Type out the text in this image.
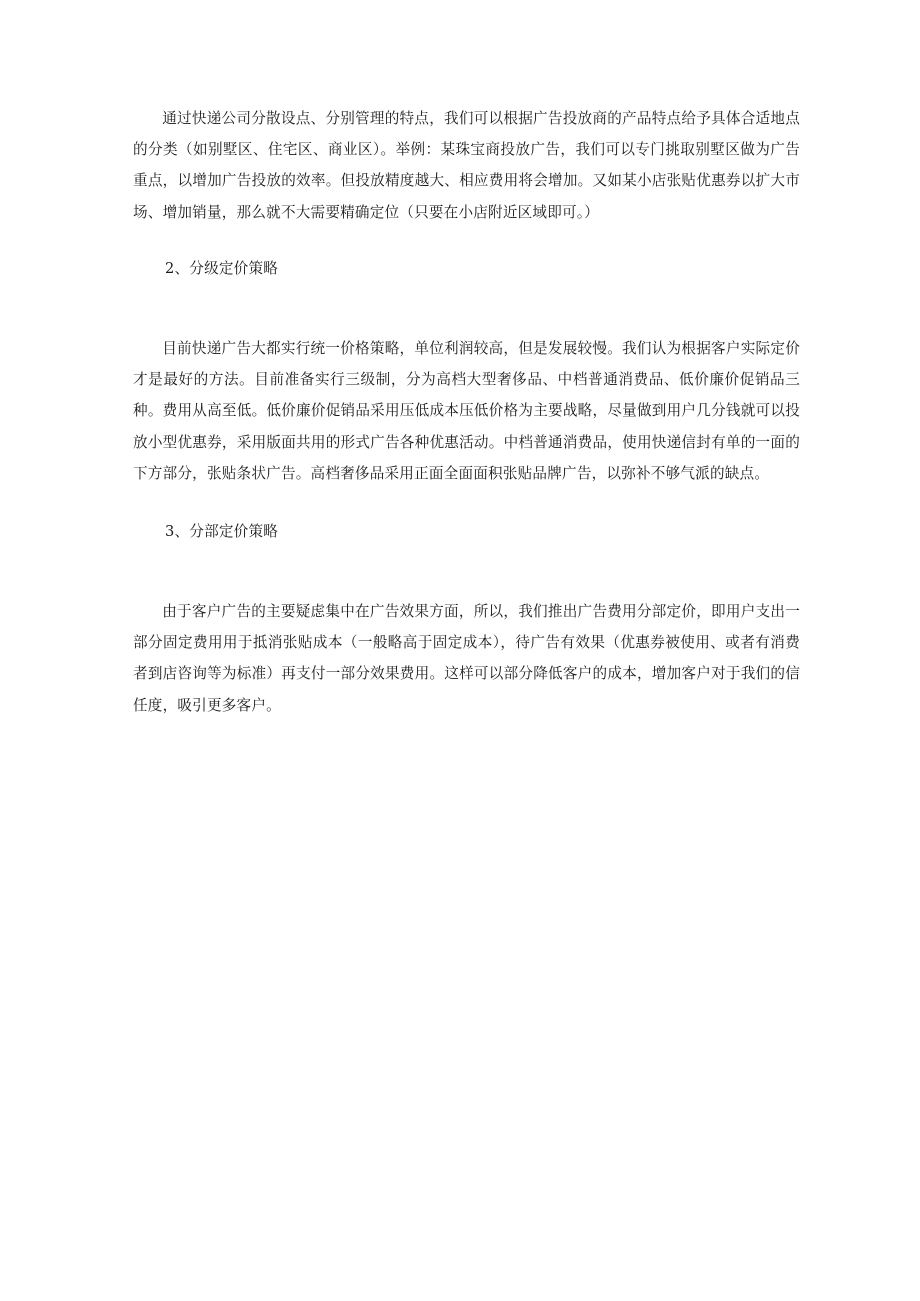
通过快递公司分散设点、分别管理的特点，我们可以根据广告投放商的产品特点给予具体合适地点的分类（如别墅区、住宅区、商业区）。举例：某珠宝商投放广告，我们可以专门挑取别墅区做为广告重点，以增加广告投放的效率。但投放精度越大、相应费用将会增加。又如某小店张贴优惠券以扩大市场、增加销量，那么就不大需要精确定位（只要在小店附近区域即可。）

2、分级定价策略

目前快递广告大都实行统一价格策略，单位利润较高，但是发展较慢。我们认为根据客户实际定价才是最好的方法。目前准备实行三级制，分为高档大型奢侈品、中档普通消费品、低价廉价促销品三种。费用从高至低。低价廉价促销品采用压低成本压低价格为主要战略，尽量做到用户几分钱就可以投放小型优惠券，采用版面共用的形式广告各种优惠活动。中档普通消费品，使用快递信封有单的一面的下方部分，张贴条状广告。高档奢侈品采用正面全面面积张贴品牌广告，以弥补不够气派的缺点。

3、分部定价策略

由于客户广告的主要疑虑集中在广告效果方面，所以，我们推出广告费用分部定价，即用户支出一部分固定费用用于抵消张贴成本（一般略高于固定成本），待广告有效果（优惠券被使用、或者有消费者到店咨询等为标准）再支付一部分效果费用。这样可以部分降低客户的成本，增加客户对于我们的信任度，吸引更多客户。
